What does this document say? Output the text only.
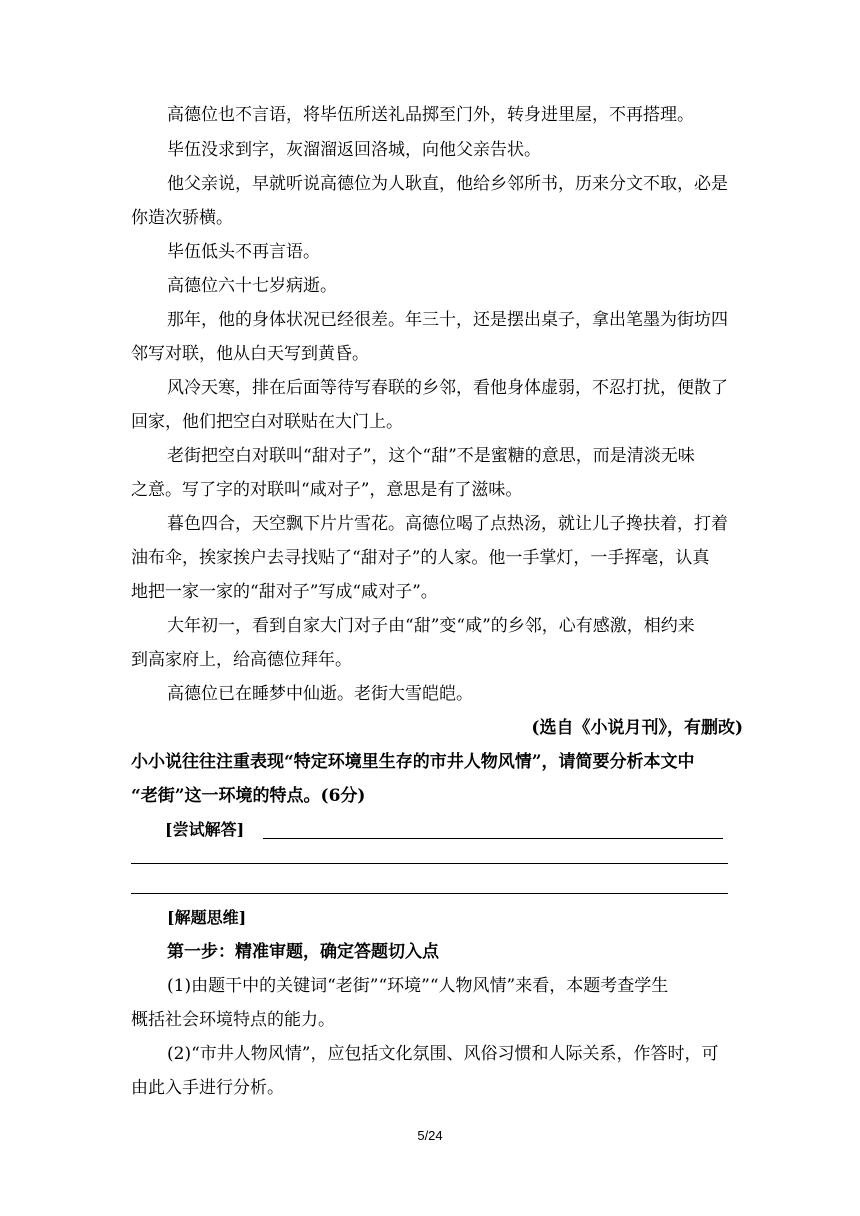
高德位也不言语，将毕伍所送礼品掷至门外，转身进里屋，不再搭理。
毕伍没求到字，灰溜溜返回洛城，向他父亲告状。
他父亲说，早就听说高德位为人耿直，他给乡邻所书，历来分文不取，必是
你造次骄横。
毕伍低头不再言语。
高德位六十七岁病逝。
那年，他的身体状况已经很差。年三十，还是摆出桌子，拿出笔墨为街坊四
邻写对联，他从白天写到黄昏。
风冷天寒，排在后面等待写春联的乡邻，看他身体虚弱，不忍打扰，便散了
回家，他们把空白对联贴在大门上。
老街把空白对联叫“甜对子”，这个“甜”不是蜜糖的意思，而是清淡无味
之意。写了字的对联叫“咸对子”，意思是有了滋味。
暮色四合，天空飘下片片雪花。高德位喝了点热汤，就让儿子搀扶着，打着
油布伞，挨家挨户去寻找贴了“甜对子”的人家。他一手掌灯，一手挥毫，认真
地把一家一家的“甜对子”写成“咸对子”。
大年初一，看到自家大门对子由“甜”变“咸”的乡邻，心有感激，相约来
到高家府上，给高德位拜年。
高德位已在睡梦中仙逝。老街大雪皑皑。
(选自《小说月刊》，有删改)
小小说往往注重表现“特定环境里生存的市井人物风情”，请简要分析本文中
“老街”这一环境的特点。(6分)
[尝试解答]
[解题思维]
第一步：精准审题，确定答题切入点
(1)由题干中的关键词“老街”“环境”“人物风情”来看，本题考查学生
概括社会环境特点的能力。
(2)“市井人物风情”，应包括文化氛围、风俗习惯和人际关系，作答时，可
由此入手进行分析。
5/24
